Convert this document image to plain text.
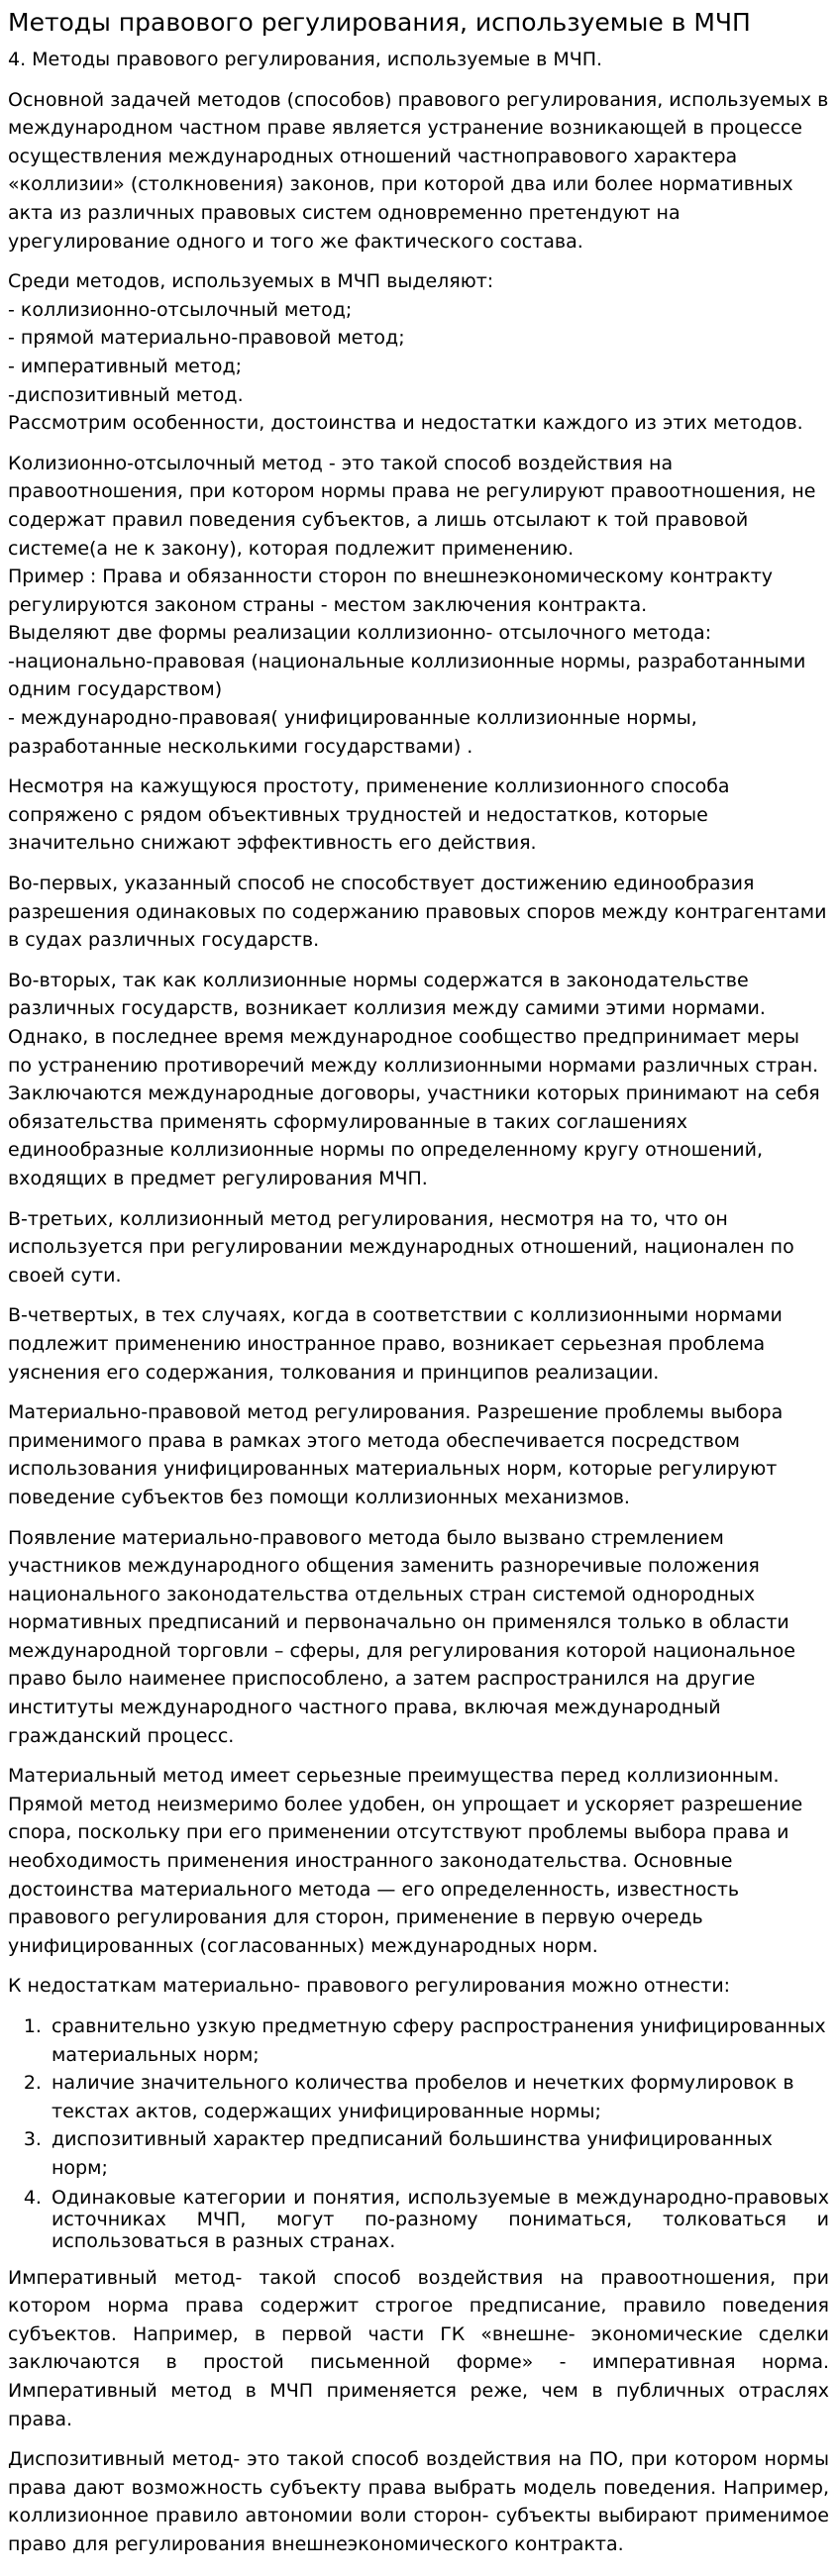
Методы правового регулирования, используемые в МЧП

4. Методы правового регулирования, используемые в МЧП.

Основной задачей методов (способов) правового регулирования, используемых в международном частном праве является устранение возникающей в процессе осуществления международных отношений частноправового характера «коллизии» (столкновения) законов, при которой два или более нормативных акта из различных правовых систем одновременно претендуют на урегулирование одного и того же фактического состава.

Среди методов, используемых в МЧП выделяют:
- коллизионно-отсылочный метод;
- прямой материально-правовой метод;
- императивный метод;
-диспозитивный метод.
Рассмотрим особенности, достоинства и недостатки каждого из этих методов.

Колизионно-отсылочный метод - это такой способ воздействия на правоотношения, при котором нормы права не регулируют правоотношения, не содержат правил поведения субъектов, а лишь отсылают к той правовой системе(а не к закону), которая подлежит применению.
Пример : Права и обязанности сторон по внешнеэкономическому контракту регулируются законом страны - местом заключения контракта.
Выделяют две формы реализации коллизионно- отсылочного метода:
-национально-правовая (национальные коллизионные нормы, разработанными одним государством)
- международно-правовая( унифицированные коллизионные нормы, разработанные несколькими государствами) .

Несмотря на кажущуюся простоту, применение коллизионного способа сопряжено с рядом объективных трудностей и недостатков, которые значительно снижают эффективность его действия.

Во-первых, указанный способ не способствует достижению единообразия разрешения одинаковых по содержанию правовых споров между контрагентами в судах различных государств.

Во-вторых, так как коллизионные нормы содержатся в законодательстве различных государств, возникает коллизия между самими этими нормами. Однако, в последнее время международное сообщество предпринимает меры по устранению противоречий между коллизионными нормами различных стран. Заключаются международные договоры, участники которых принимают на себя обязательства применять сформулированные в таких соглашениях единообразные коллизионные нормы по определенному кругу отношений, входящих в предмет регулирования МЧП.

В-третьих, коллизионный метод регулирования, несмотря на то, что он используется при регулировании международных отношений, националeн по своей сути.

В-четвертых, в тех случаях, когда в соответствии с коллизионными нормами подлежит применению иностранное право, возникает серьезная проблема уяснения его содержания, толкования и принципов реализации.

Материально-правовой метод регулирования. Разрешение проблемы выбора применимого права в рамках этого метода обеспечивается посредством использования унифицированных материальных норм, которые регулируют поведение субъектов без помощи коллизионных механизмов.

Появление материально-правового метода было вызвано стремлением участников международного общения заменить разноречивые положения национального законодательства отдельных стран системой однородных нормативных предписаний и первоначально он применялся только в области международной торговли – сферы, для регулирования которой национальное право было наименее приспособлено, а затем распространился на другие институты международного частного права, включая международный гражданский процесс.

Материальный метод имеет серьезные преимущества перед коллизионным. Прямой метод неизмеримо более удобен, он упрощает и ускоряет разрешение спора, поскольку при его применении отсутствуют проблемы выбора права и необходимость применения иностранного законодательства. Основные достоинства материального метода — его определенность, известность правового регулирования для сторон, применение в первую очередь унифицированных (согласованных) международных норм.

К недостаткам материально- правового регулирования можно отнести:

1. сравнительно узкую предметную сферу распространения унифицированных материальных норм;
2. наличие значительного количества пробелов и нечетких формулировок в текстах актов, содержащих унифицированные нормы;
3. диспозитивный характер предписаний большинства унифицированных норм;
4. Одинаковые категории и понятия, используемые в международно-правовых источниках МЧП, могут по-разному пониматься, толковаться и использоваться в разных странах.

Императивный метод- такой способ воздействия на правоотношения, при котором норма права содержит строгое предписание, правило поведения субъектов. Например, в первой части ГК «внешне- экономические сделки заключаются в простой письменной форме» - императивная норма. Императивный метод в МЧП применяется реже, чем в публичных отраслях права.

Диспозитивный метод- это такой способ воздействия на ПО, при котором нормы права дают возможность субъекту права выбрать модель поведения. Например, коллизионное правило автономии воли сторон- субъекты выбирают применимое право для регулирования внешнеэкономического контракта.
